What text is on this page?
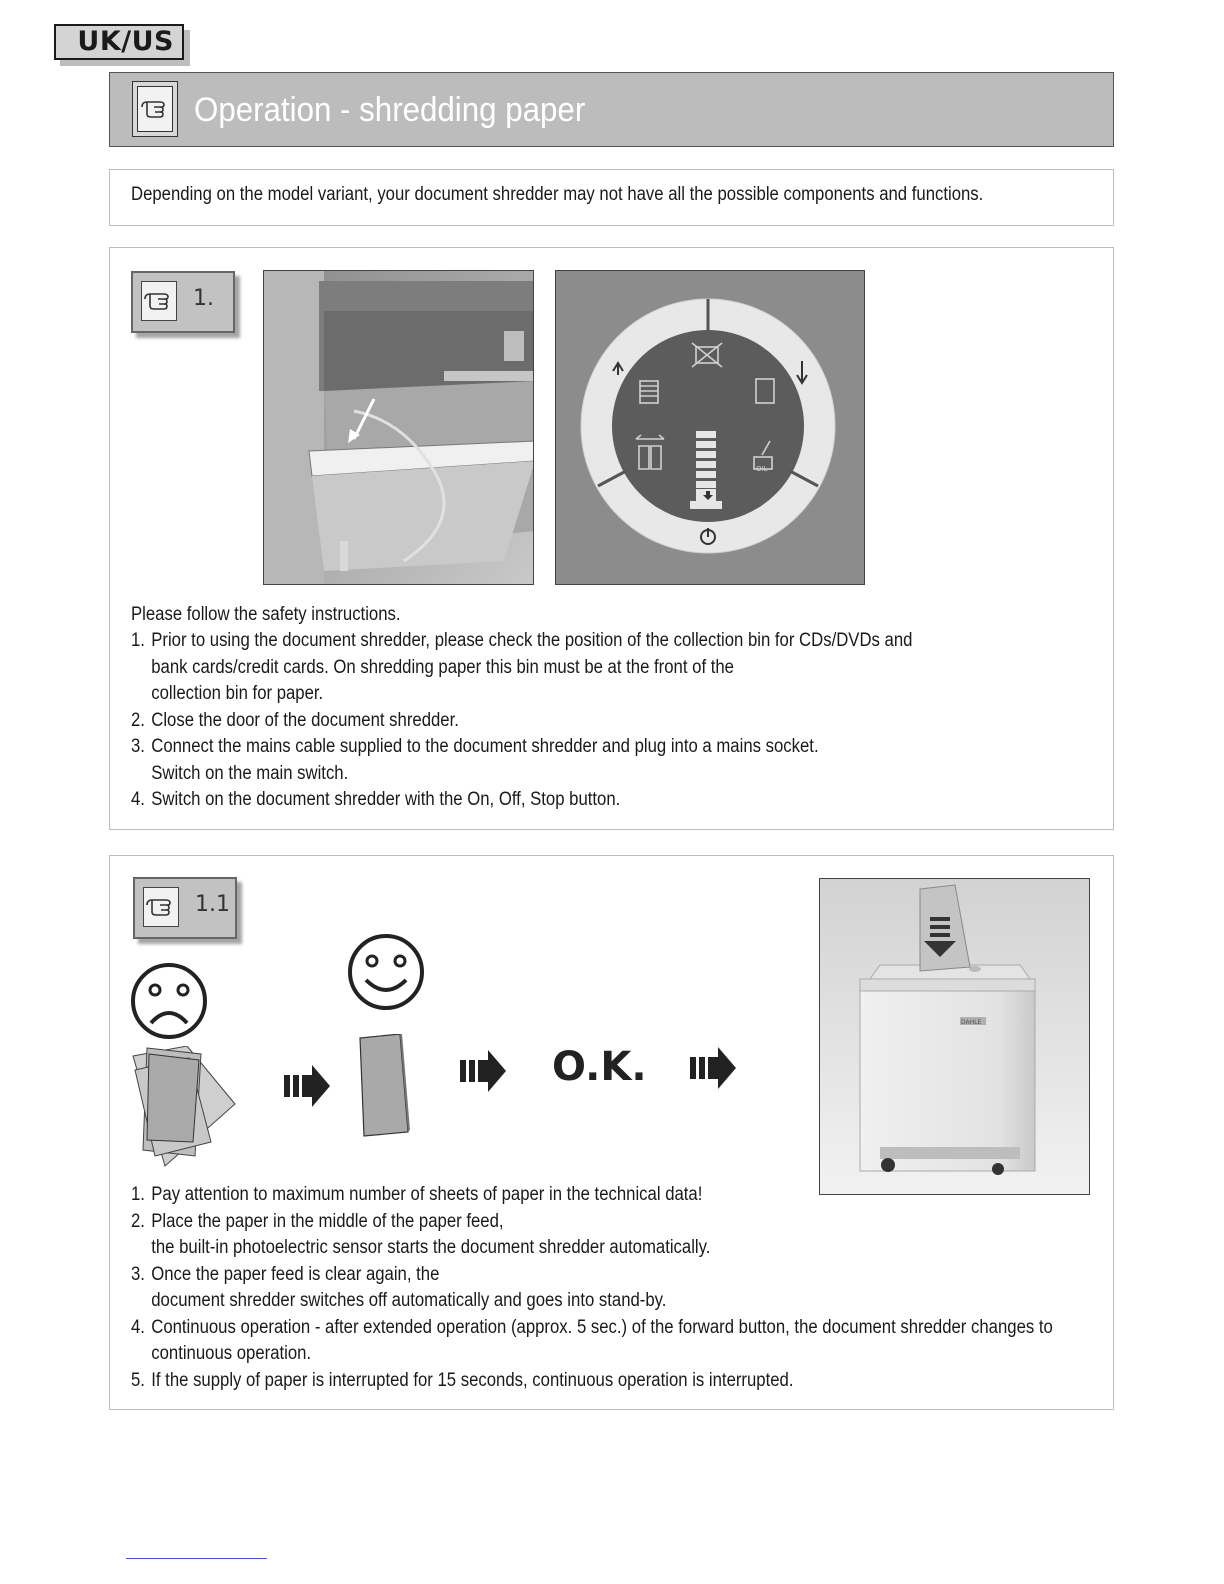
UK/US
Operation - shredding paper
Depending on the model variant, your document shredder may not have all the possible components and functions.
1.
OIL
Please follow the safety instructions.
1. Prior to using the document shredder, please check the position of the collection bin for CDs/DVDs and
bank cards/credit cards. On shredding paper this bin must be at the front of the
collection bin for paper.
2. Close the door of the document shredder.
3. Connect the mains cable supplied to the document shredder and plug into a mains socket.
Switch on the main switch.
4. Switch on the document shredder with the On, Off, Stop button.
1.1
O.K.
DAHLE
1. Pay attention to maximum number of sheets of paper in the technical data!
2. Place the paper in the middle of the paper feed,
the built-in photoelectric sensor starts the document shredder automatically.
3. Once the paper feed is clear again, the
document shredder switches off automatically and goes into stand-by.
4. Continuous operation - after extended operation (approx. 5 sec.) of the forward button, the document shredder changes to
continuous operation.
5. If the supply of paper is interrupted for 15 seconds, continuous operation is interrupted.
